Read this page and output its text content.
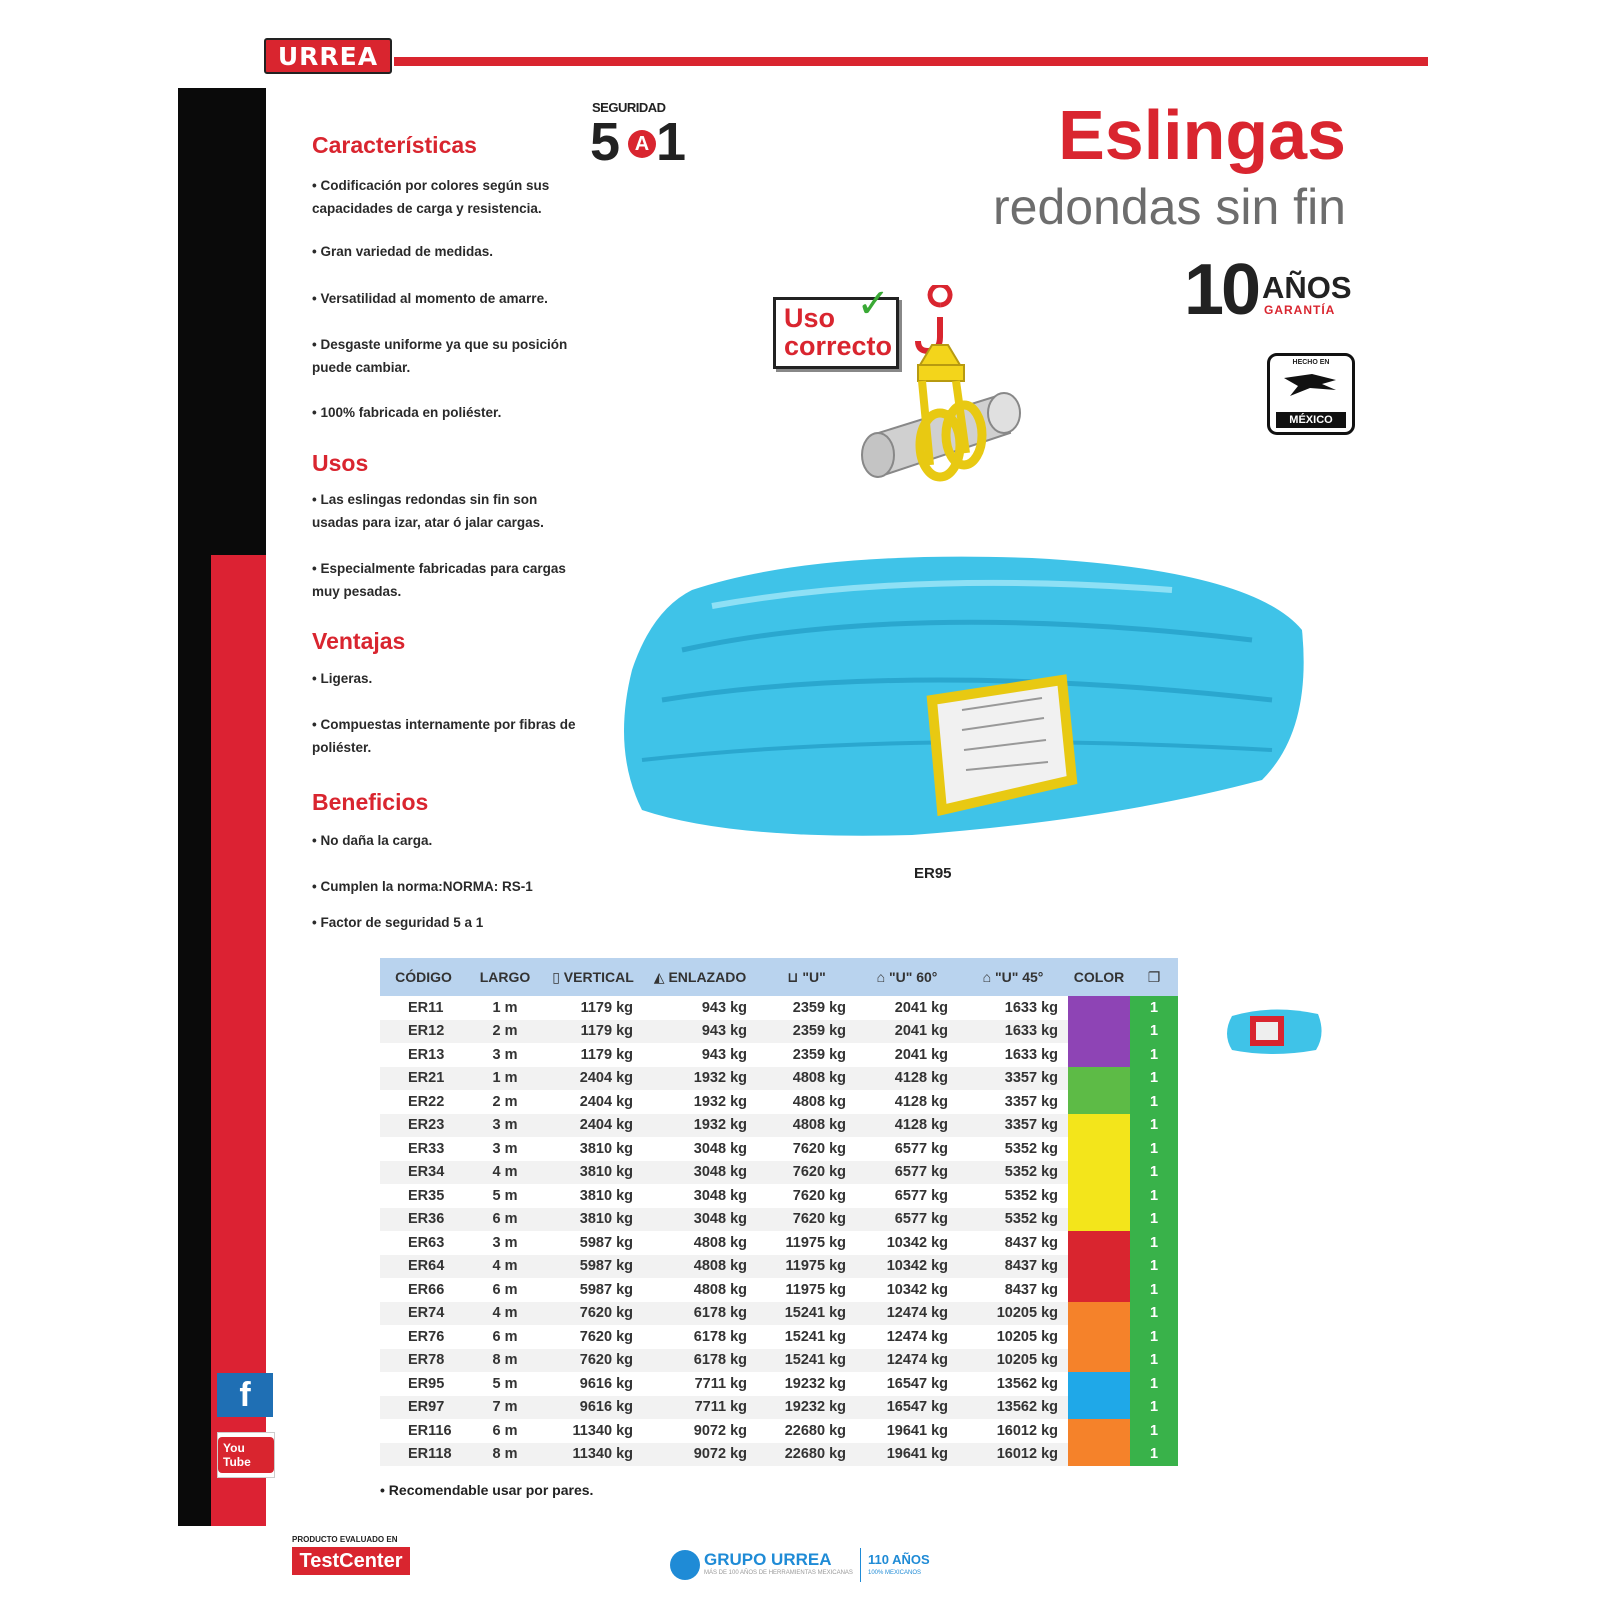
URREA
f
You Tube
Características
• Codificación por colores según sus capacidades de carga y resistencia.
• Gran variedad de medidas.
• Versatilidad al momento de amarre.
• Desgaste uniforme ya que su posición puede cambiar.
• 100% fabricada en poliéster.
Usos
• Las eslingas redondas sin fin son usadas para izar, atar ó jalar cargas.
• Especialmente fabricadas para cargas muy pesadas.
Ventajas
• Ligeras.
• Compuestas internamente por fibras de poliéster.
Beneficios
• No daña la carga.
• Cumplen la norma:NORMA: RS-1
• Factor de seguridad 5 a 1
SEGURIDAD
5 A 1	Eslingas
redondas sin fin
10 AÑOS
GARANTÍA
HECHO EN
MÉXICO
Uso
correcto
✓
ER95
CÓDIGO	LARGO	▯ VERTICAL	◭ ENLAZADO	⊔ "U"	⌂ "U" 60°	⌂ "U" 45°	COLOR	❐
ER11	1 m	1179 kg	943 kg	2359 kg	2041 kg	1633 kg		1
ER12	2 m	1179 kg	943 kg	2359 kg	2041 kg	1633 kg		1
ER13	3 m	1179 kg	943 kg	2359 kg	2041 kg	1633 kg		1
ER21	1 m	2404 kg	1932 kg	4808 kg	4128 kg	3357 kg		1
ER22	2 m	2404 kg	1932 kg	4808 kg	4128 kg	3357 kg		1
ER23	3 m	2404 kg	1932 kg	4808 kg	4128 kg	3357 kg		1
ER33	3 m	3810 kg	3048 kg	7620 kg	6577 kg	5352 kg		1
ER34	4 m	3810 kg	3048 kg	7620 kg	6577 kg	5352 kg		1
ER35	5 m	3810 kg	3048 kg	7620 kg	6577 kg	5352 kg		1
ER36	6 m	3810 kg	3048 kg	7620 kg	6577 kg	5352 kg		1
ER63	3 m	5987 kg	4808 kg	11975 kg	10342 kg	8437 kg		1
ER64	4 m	5987 kg	4808 kg	11975 kg	10342 kg	8437 kg		1
ER66	6 m	5987 kg	4808 kg	11975 kg	10342 kg	8437 kg		1
ER74	4 m	7620 kg	6178 kg	15241 kg	12474 kg	10205 kg		1
ER76	6 m	7620 kg	6178 kg	15241 kg	12474 kg	10205 kg		1
ER78	8 m	7620 kg	6178 kg	15241 kg	12474 kg	10205 kg		1
ER95	5 m	9616 kg	7711 kg	19232 kg	16547 kg	13562 kg		1
ER97	7 m	9616 kg	7711 kg	19232 kg	16547 kg	13562 kg		1
ER116	6 m	11340 kg	9072 kg	22680 kg	19641 kg	16012 kg		1
ER118	8 m	11340 kg	9072 kg	22680 kg	19641 kg	16012 kg		1
• Recomendable usar por pares.
PRODUCTO EVALUADO EN
TestCenter	GRUPO URREA
MÁS DE 100 AÑOS DE HERRAMIENTAS MEXICANAS
110 AÑOS
100% MEXICANOS
